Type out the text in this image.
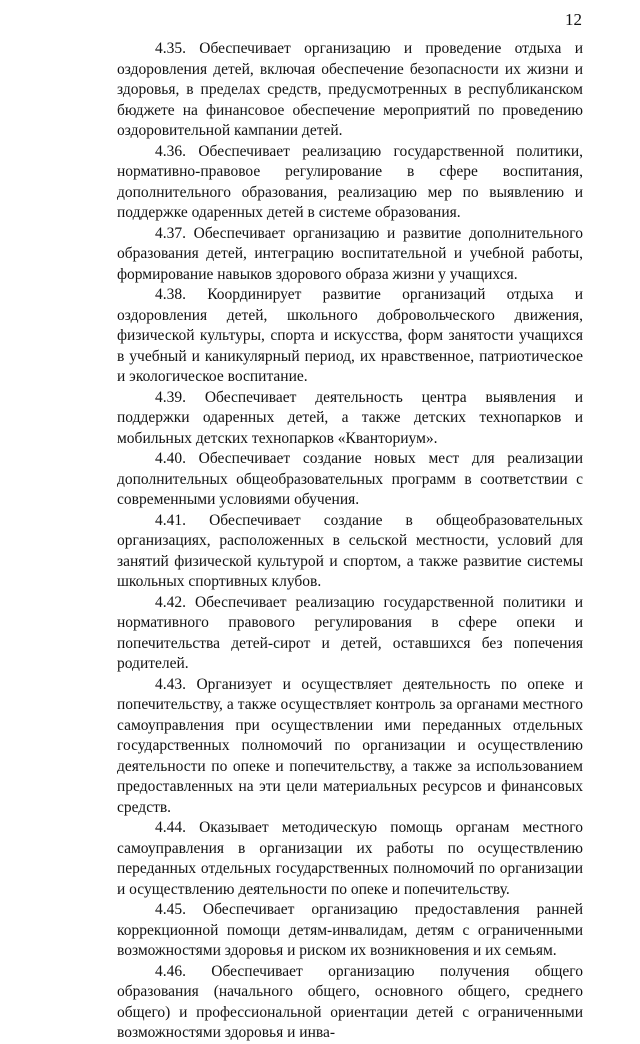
12

4.35. Обеспечивает организацию и проведение отдыха и оздоровления детей, включая обеспечение безопасности их жизни и здоровья, в пределах средств, предусмотренных в республиканском бюджете на финансовое обеспечение мероприятий по проведению оздоровительной кампании детей.

4.36. Обеспечивает реализацию государственной политики, нормативно-правовое регулирование в сфере воспитания, дополнительного образования, реализацию мер по выявлению и поддержке одаренных детей в системе образования.

4.37. Обеспечивает организацию и развитие дополнительного образования детей, интеграцию воспитательной и учебной работы, формирование навыков здорового образа жизни у учащихся.

4.38. Координирует развитие организаций отдыха и оздоровления детей, школьного добровольческого движения, физической культуры, спорта и искусства, форм занятости учащихся в учебный и каникулярный период, их нравственное, патриотическое и экологическое воспитание.

4.39. Обеспечивает деятельность центра выявления и поддержки одаренных детей, а также детских технопарков и мобильных детских технопарков «Кванториум».

4.40. Обеспечивает создание новых мест для реализации дополнительных общеобразовательных программ в соответствии с современными условиями обучения.

4.41. Обеспечивает создание в общеобразовательных организациях, расположенных в сельской местности, условий для занятий физической культурой и спортом, а также развитие системы школьных спортивных клубов.

4.42. Обеспечивает реализацию государственной политики и нормативного правового регулирования в сфере опеки и попечительства детей-сирот и детей, оставшихся без попечения родителей.

4.43. Организует и осуществляет деятельность по опеке и попечительству, а также осуществляет контроль за органами местного самоуправления при осуществлении ими переданных отдельных государственных полномочий по организации и осуществлению деятельности по опеке и попечительству, а также за использованием предоставленных на эти цели материальных ресурсов и финансовых средств.

4.44. Оказывает методическую помощь органам местного самоуправления в организации их работы по осуществлению переданных отдельных государственных полномочий по организации и осуществлению деятельности по опеке и попечительству.

4.45. Обеспечивает организацию предоставления ранней коррекционной помощи детям-инвалидам, детям с ограниченными возможностями здоровья и риском их возникновения и их семьям.

4.46. Обеспечивает организацию получения общего образования (начального общего, основного общего, среднего общего) и профессиональной ориентации детей с ограниченными возможностями здоровья и инва-
